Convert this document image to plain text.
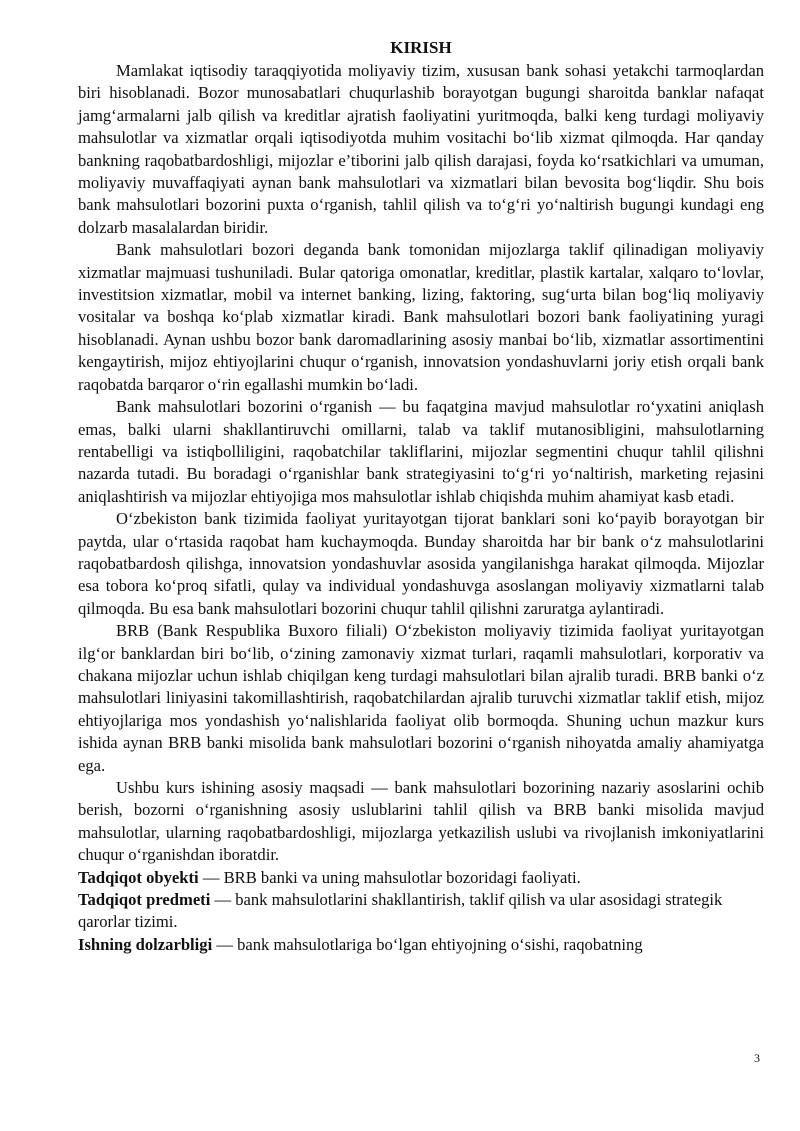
KIRISH

Mamlakat iqtisodiy taraqqiyotida moliyaviy tizim, xususan bank sohasi yetakchi tarmoqlardan biri hisoblanadi. Bozor munosabatlari chuqurlashib borayotgan bugungi sharoitda banklar nafaqat jamg‘armalarni jalb qilish va kreditlar ajratish faoliyatini yuritmoqda, balki keng turdagi moliyaviy mahsulotlar va xizmatlar orqali iqtisodiyotda muhim vositachi bo‘lib xizmat qilmoqda. Har qanday bankning raqobatbardoshligi, mijozlar e’tiborini jalb qilish darajasi, foyda ko‘rsatkichlari va umuman, moliyaviy muvaffaqiyati aynan bank mahsulotlari va xizmatlari bilan bevosita bog‘liqdir. Shu bois bank mahsulotlari bozorini puxta o‘rganish, tahlil qilish va to‘g‘ri yo‘naltirish bugungi kundagi eng dolzarb masalalardan biridir.

Bank mahsulotlari bozori deganda bank tomonidan mijozlarga taklif qilinadigan moliyaviy xizmatlar majmuasi tushuniladi. Bular qatoriga omonatlar, kreditlar, plastik kartalar, xalqaro to‘lovlar, investitsion xizmatlar, mobil va internet banking, lizing, faktoring, sug‘urta bilan bog‘liq moliyaviy vositalar va boshqa ko‘plab xizmatlar kiradi. Bank mahsulotlari bozori bank faoliyatining yuragi hisoblanadi. Aynan ushbu bozor bank daromadlarining asosiy manbai bo‘lib, xizmatlar assortimentini kengaytirish, mijoz ehtiyojlarini chuqur o‘rganish, innovatsion yondashuvlarni joriy etish orqali bank raqobatda barqaror o‘rin egallashi mumkin bo‘ladi.

Bank mahsulotlari bozorini o‘rganish — bu faqatgina mavjud mahsulotlar ro‘yxatini aniqlash emas, balki ularni shakllantiruvchi omillarni, talab va taklif mutanosibligini, mahsulotlarning rentabelligi va istiqbolliligini, raqobatchilar takliflarini, mijozlar segmentini chuqur tahlil qilishni nazarda tutadi. Bu boradagi o‘rganishlar bank strategiyasini to‘g‘ri yo‘naltirish, marketing rejasini aniqlashtirish va mijozlar ehtiyojiga mos mahsulotlar ishlab chiqishda muhim ahamiyat kasb etadi.

O‘zbekiston bank tizimida faoliyat yuritayotgan tijorat banklari soni ko‘payib borayotgan bir paytda, ular o‘rtasida raqobat ham kuchaymoqda. Bunday sharoitda har bir bank o‘z mahsulotlarini raqobatbardosh qilishga, innovatsion yondashuvlar asosida yangilanishga harakat qilmoqda. Mijozlar esa tobora ko‘proq sifatli, qulay va individual yondashuvga asoslangan moliyaviy xizmatlarni talab qilmoqda. Bu esa bank mahsulotlari bozorini chuqur tahlil qilishni zaruratga aylantiradi.

BRB (Bank Respublika Buxoro filiali) O‘zbekiston moliyaviy tizimida faoliyat yuritayotgan ilg‘or banklardan biri bo‘lib, o‘zining zamonaviy xizmat turlari, raqamli mahsulotlari, korporativ va chakana mijozlar uchun ishlab chiqilgan keng turdagi mahsulotlari bilan ajralib turadi. BRB banki o‘z mahsulotlari liniyasini takomillashtirish, raqobatchilardan ajralib turuvchi xizmatlar taklif etish, mijoz ehtiyojlariga mos yondashish yo‘nalishlarida faoliyat olib bormoqda. Shuning uchun mazkur kurs ishida aynan BRB banki misolida bank mahsulotlari bozorini o‘rganish nihoyatda amaliy ahamiyatga ega.

Ushbu kurs ishining asosiy maqsadi — bank mahsulotlari bozorining nazariy asoslarini ochib berish, bozorni o‘rganishning asosiy uslublarini tahlil qilish va BRB banki misolida mavjud mahsulotlar, ularning raqobatbardoshligi, mijozlarga yetkazilish uslubi va rivojlanish imkoniyatlarini chuqur o‘rganishdan iboratdir.

Tadqiqot obyekti — BRB banki va uning mahsulotlar bozoridagi faoliyati.

Tadqiqot predmeti — bank mahsulotlarini shakllantirish, taklif qilish va ular asosidagi strategik qarorlar tizimi.

Ishning dolzarbligi — bank mahsulotlariga bo‘lgan ehtiyojning o‘sishi, raqobatning

3
